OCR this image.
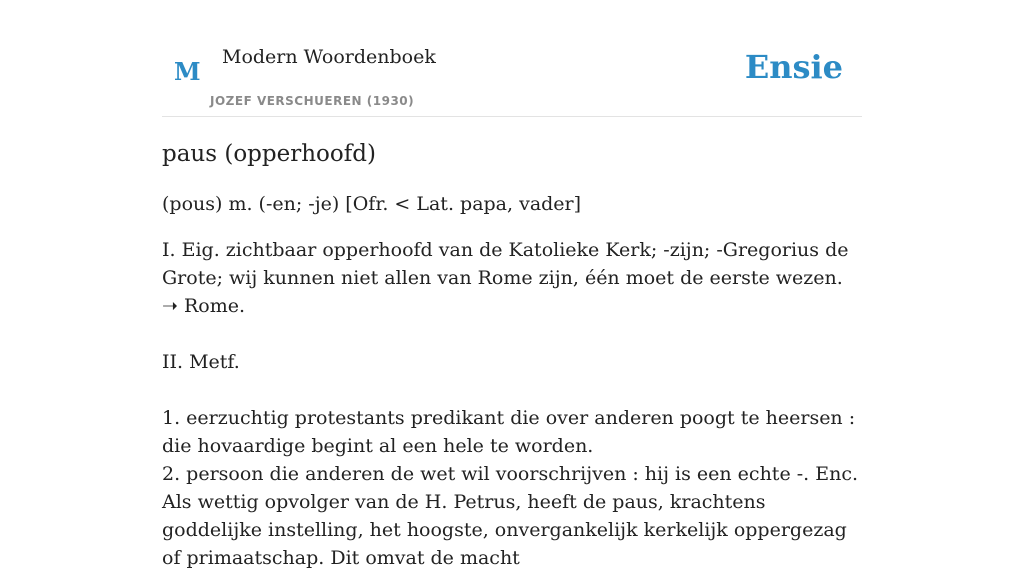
M Modern Woordenboek
JOZEF VERSCHUEREN (1930)
Ensie
paus (opperhoofd)

(pous) m. (-en; -je) [Ofr. < Lat. papa, vader]

I. Eig. zichtbaar opperhoofd van de Katolieke Kerk; -zijn; -Gregorius de Grote; wij kunnen niet allen van Rome zijn, één moet de eerste wezen. ➝ Rome.
II. Metf.
1. eerzuchtig protestants predikant die over anderen poogt te heersen : die hovaardige begint al een hele te worden.
2. persoon die anderen de wet wil voorschrijven : hij is een echte -. Enc. Als wettig opvolger van de H. Petrus, heeft de paus, krachtens goddelijke instelling, het hoogste, onvergankelijk kerkelijk oppergezag of primaatschap. Dit omvat de macht
